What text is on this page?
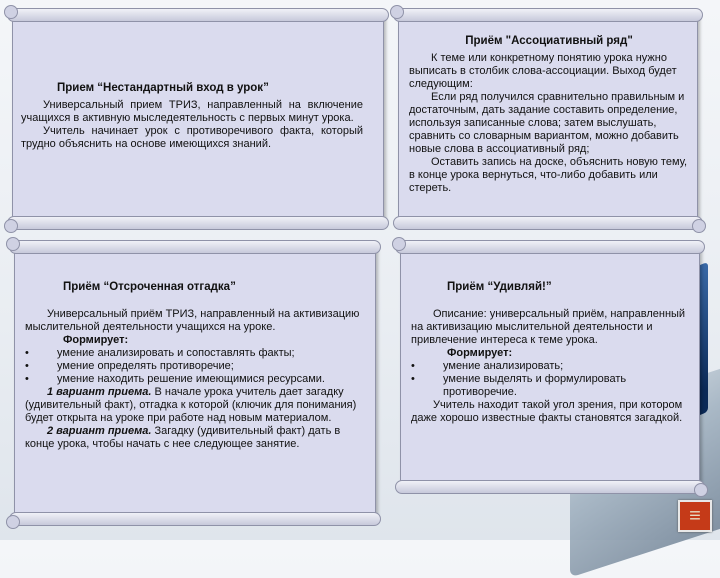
Прием “Нестандартный вход в урок”

Универсальный прием ТРИЗ, направленный на включение учащихся в активную мыследеятельность с первых минут урока.

Учитель начинает урок с противоречивого факта, который трудно объяснить на основе имеющихся знаний.

Приём "Ассоциативный ряд"

К теме или конкретному понятию урока нужно выписать в столбик слова-ассоциации. Выход будет следующим:

Если ряд получился сравнительно правильным и достаточным, дать задание составить определение, используя записанные слова; затем выслушать, сравнить со словарным вариантом, можно добавить новые слова в ассоциативный ряд;

Оставить запись на доске, объяснить новую тему, в конце урока вернуться, что-либо добавить или стереть.

Приём “Отсроченная отгадка”

Универсальный приём ТРИЗ, направленный на активизацию мыслительной деятельности учащихся на уроке.

Формирует:

•	умение анализировать и сопоставлять факты;
•	умение определять противоречие;
•	умение находить решение имеющимися ресурсами.

1 вариант приема. В начале урока учитель дает загадку (удивительный факт), отгадка к которой (ключик для понимания) будет открыта на уроке при работе над новым материалом.

2 вариант приема. Загадку (удивительный факт) дать в конце урока, чтобы начать с нее следующее занятие.

Приём “Удивляй!”

Описание: универсальный приём, направленный на активизацию мыслительной деятельности и привлечение интереса к теме урока.

Формирует:

•	умение анализировать;
•	умение выделять и формулировать противоречие.

Учитель находит такой угол зрения, при котором даже хорошо известные факты становятся загадкой.

≡
